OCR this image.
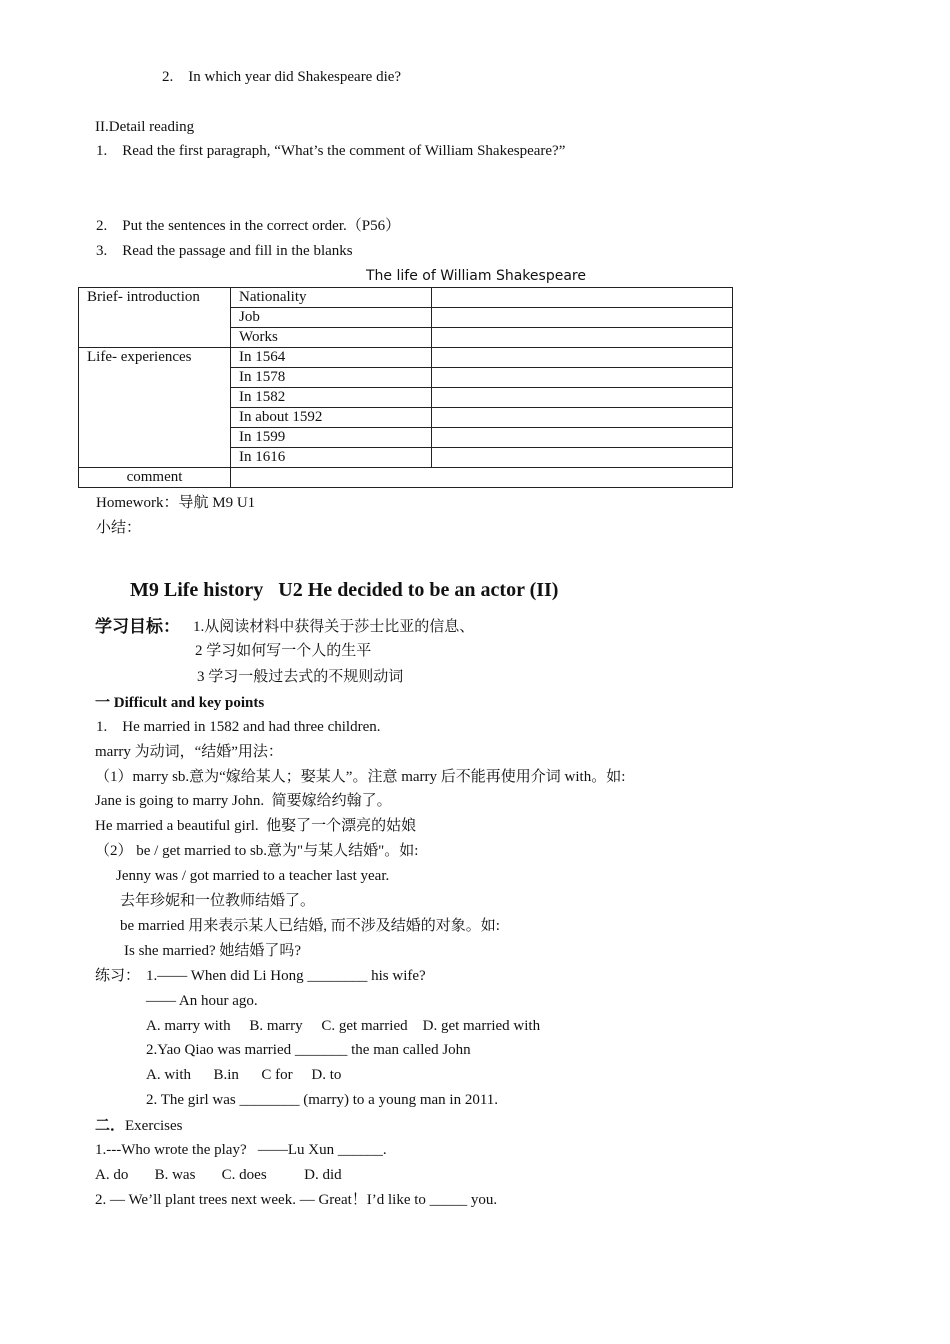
2.    In which year did Shakespeare die?
II.Detail reading
1.    Read the first paragraph, “What’s the comment of William Shakespeare?”
2.    Put the sentences in the correct order.（P56）
3.    Read the passage and fill in the blanks
The life of William Shakespeare
Brief- introduction	Nationality	
	Job	
	Works	
Life- experiences	In 1564	
	In 1578	
	In 1582	
	In about 1592	
	In 1599	
	In 1616	
comment		
Homework：导航 M9 U1
小结：
M9 Life history   U2 He decided to be an actor (II)
学习目标： 1.从阅读材料中获得关于莎士比亚的信息、
2 学习如何写一个人的生平
3 学习一般过去式的不规则动词
一 Difficult and key points
1.    He married in 1582 and had three children.
marry 为动词，“结婚”用法：
（1）marry sb.意为“嫁给某人；娶某人”。注意 marry 后不能再使用介词 with。如:
Jane is going to marry John.  简要嫁给约翰了。
He married a beautiful girl.  他娶了一个漂亮的姑娘
（2） be / get married to sb.意为"与某人结婚"。如:
Jenny was / got married to a teacher last year.
去年珍妮和一位教师结婚了。
be married 用来表示某人已结婚, 而不涉及结婚的对象。如:
Is she married? 她结婚了吗?
练习： 1.—— When did Li Hong ________ his wife?
—— An hour ago.
A. marry with     B. marry     C. get married    D. get married with
2.Yao Qiao was married _______ the man called John
A. with      B.in      C for     D. to
2. The girl was ________ (marry) to a young man in 2011.
二．Exercises
1.---Who wrote the play?   ——Lu Xun ______.
A. do       B. was       C. does          D. did
2. — We’ll plant trees next week. — Great！I’d like to _____ you.
